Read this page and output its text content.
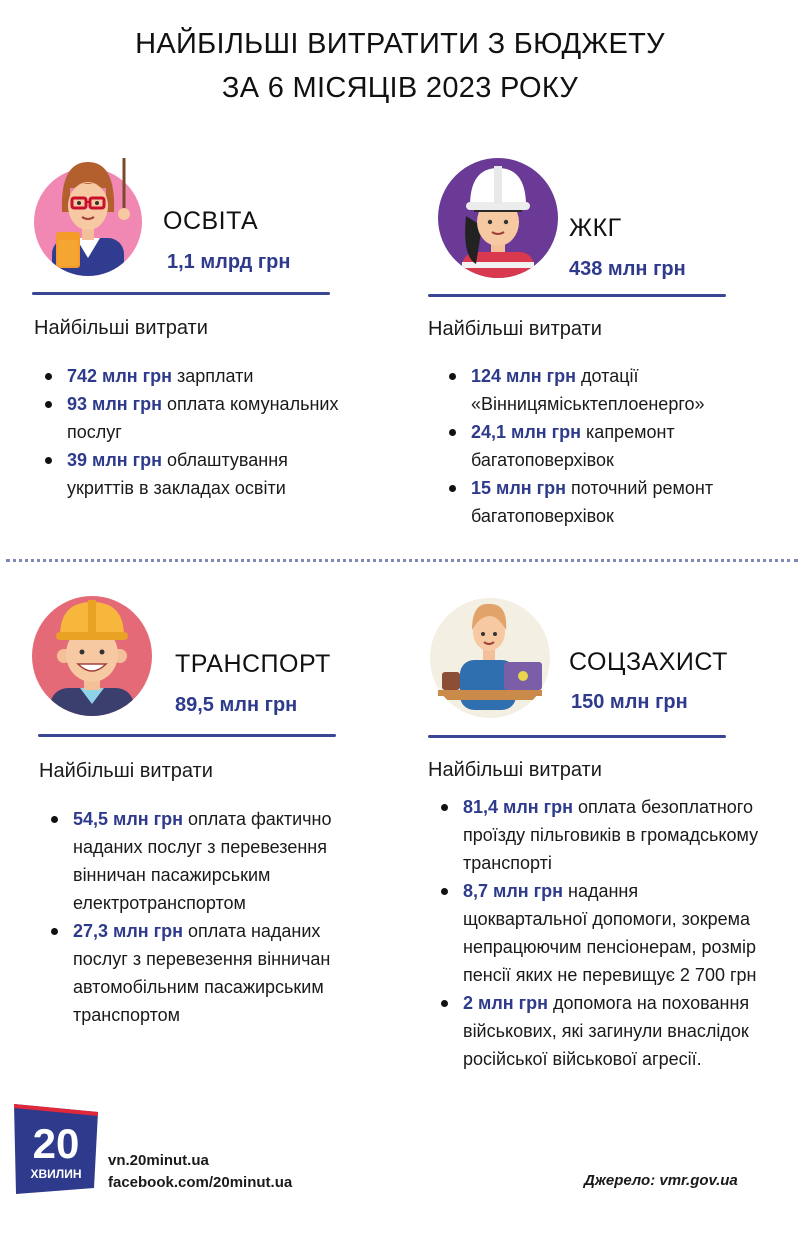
НАЙБІЛЬШІ ВИТРАТИТИ З БЮДЖЕТУ
ЗА 6 МІСЯЦІВ 2023 РОКУ
ОСВІТА
1,1 млрд грн
Найбільші витрати
742 млн грн зарплати
93 млн грн оплата комунальних послуг
39 млн грн облаштування укриттів в закладах освіти
ЖКГ
438 млн грн
Найбільші витрати
124 млн грн дотації «Вінницяміськтеплоенерго»
24,1 млн грн капремонт багатоповерхівок
15 млн грн поточний ремонт багатоповерхівок
ТРАНСПОРТ
89,5 млн грн
Найбільші витрати
54,5 млн грн оплата фактично наданих послуг з перевезення вінничан пасажирським електротранспортом
27,3 млн грн оплата наданих послуг з перевезення вінничан автомобільним пасажирським транспортом
СОЦЗАХИСТ
150 млн грн
Найбільші витрати
81,4 млн грн оплата безоплатного проїзду пільговиків в громадському транспорті
8,7 млн грн надання щоквартальної допомоги, зокрема непрацюючим пенсіонерам, розмір пенсії яких не перевищує 2 700 грн
2 млн грн допомога на поховання військових, які загинули внаслідок російської військової агресії.
20
ХВИЛИН
vn.20minut.ua
facebook.com/20minut.ua	Джерело: vmr.gov.ua
